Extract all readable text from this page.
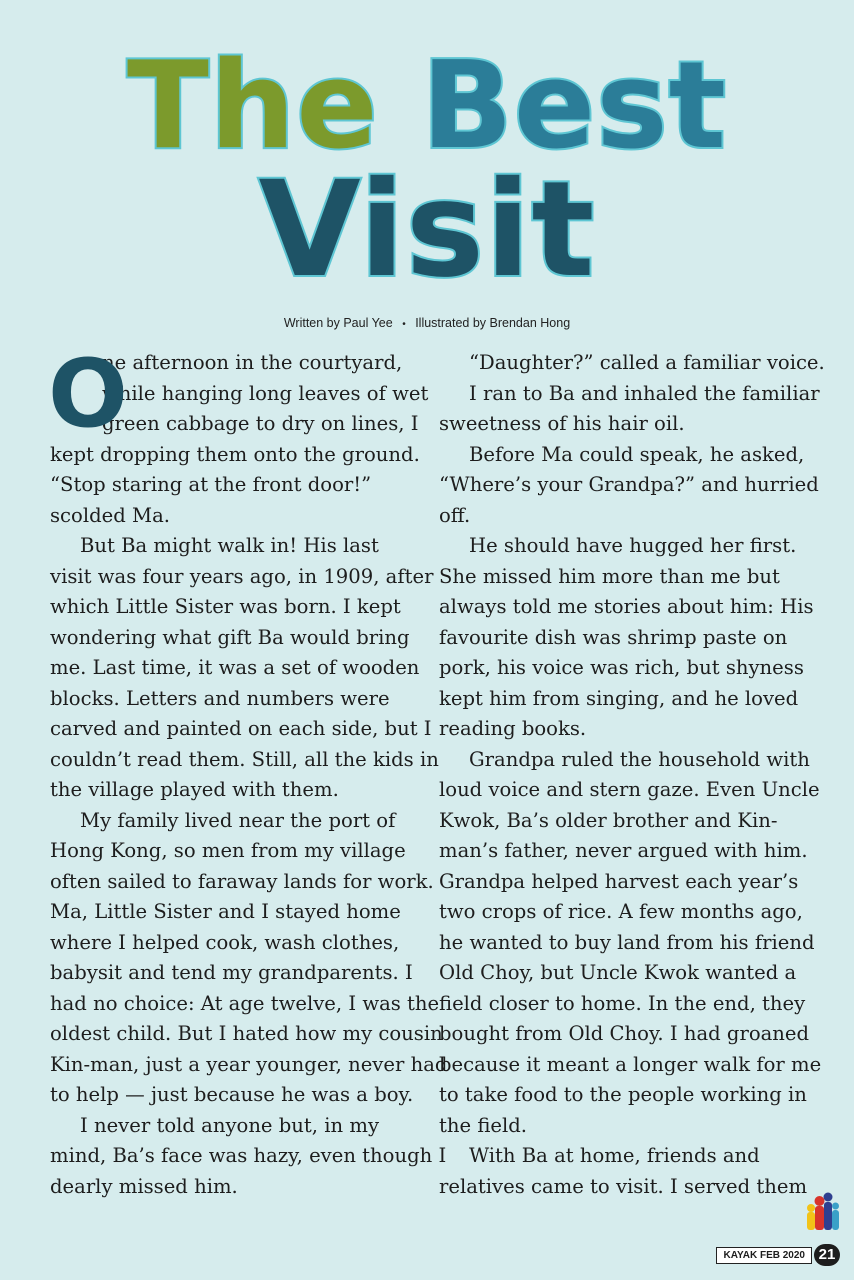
The Best
Visit
Written by Paul Yee • Illustrated by Brendan Hong
O
ne afternoon in the courtyard,
while hanging long leaves of wet
green cabbage to dry on lines, I
kept dropping them onto the ground.
“Stop staring at the front door!”
scolded Ma.
But Ba might walk in! His last
visit was four years ago, in 1909, after
which Little Sister was born. I kept
wondering what gift Ba would bring
me. Last time, it was a set of wooden
blocks. Letters and numbers were
carved and painted on each side, but I
couldn’t read them. Still, all the kids in
the village played with them.
My family lived near the port of
Hong Kong, so men from my village
often sailed to faraway lands for work.
Ma, Little Sister and I stayed home
where I helped cook, wash clothes,
babysit and tend my grandparents. I
had no choice: At age twelve, I was the
oldest child. But I hated how my cousin
Kin-man, just a year younger, never had
to help — just because he was a boy.
I never told anyone but, in my
mind, Ba’s face was hazy, even though I
dearly missed him.
“Daughter?” called a familiar voice.
I ran to Ba and inhaled the familiar
sweetness of his hair oil.
Before Ma could speak, he asked,
“Where’s your Grandpa?” and hurried
off.
He should have hugged her first.
She missed him more than me but
always told me stories about him: His
favourite dish was shrimp paste on
pork, his voice was rich, but shyness
kept him from singing, and he loved
reading books.
Grandpa ruled the household with
loud voice and stern gaze. Even Uncle
Kwok, Ba’s older brother and Kin-
man’s father, never argued with him.
Grandpa helped harvest each year’s
two crops of rice. A few months ago,
he wanted to buy land from his friend
Old Choy, but Uncle Kwok wanted a
field closer to home. In the end, they
bought from Old Choy. I had groaned
because it meant a longer walk for me
to take food to the people working in
the field.
With Ba at home, friends and
relatives came to visit. I served them
KAYAK FEB 2020 21
